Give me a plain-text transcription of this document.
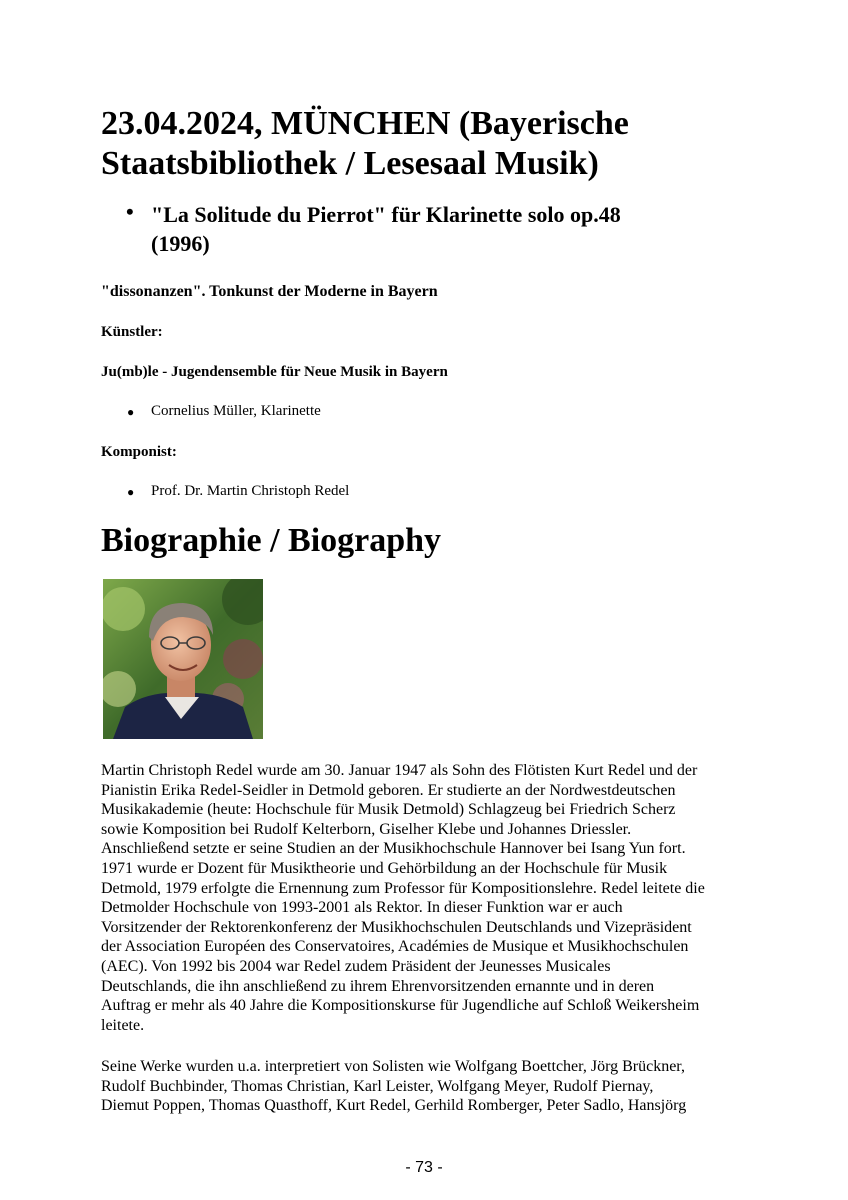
23.04.2024, MÜNCHEN (Bayerische
Staatsbibliothek / Lesesaal Musik)
• "La Solitude du Pierrot" für Klarinette solo op.48
(1996)

"dissonanzen". Tonkunst der Moderne in Bayern

Künstler:

Ju(mb)le - Jugendensemble für Neue Musik in Bayern

● Cornelius Müller, Klarinette

Komponist:

● Prof. Dr. Martin Christoph Redel
Biographie / Biography

Martin Christoph Redel wurde am 30. Januar 1947 als Sohn des Flötisten Kurt Redel und der
Pianistin Erika Redel-Seidler in Detmold geboren. Er studierte an der Nordwestdeutschen
Musikakademie (heute: Hochschule für Musik Detmold) Schlagzeug bei Friedrich Scherz
sowie Komposition bei Rudolf Kelterborn, Giselher Klebe und Johannes Driessler.
Anschließend setzte er seine Studien an der Musikhochschule Hannover bei Isang Yun fort.
1971 wurde er Dozent für Musiktheorie und Gehörbildung an der Hochschule für Musik
Detmold, 1979 erfolgte die Ernennung zum Professor für Kompositionslehre. Redel leitete die
Detmolder Hochschule von 1993-2001 als Rektor. In dieser Funktion war er auch
Vorsitzender der Rektorenkonferenz der Musikhochschulen Deutschlands und Vizepräsident
der Association Européen des Conservatoires, Académies de Musique et Musikhochschulen
(AEC). Von 1992 bis 2004 war Redel zudem Präsident der Jeunesses Musicales
Deutschlands, die ihn anschließend zu ihrem Ehrenvorsitzenden ernannte und in deren
Auftrag er mehr als 40 Jahre die Kompositionskurse für Jugendliche auf Schloß Weikersheim
leitete.

Seine Werke wurden u.a. interpretiert von Solisten wie Wolfgang Boettcher, Jörg Brückner,
Rudolf Buchbinder, Thomas Christian, Karl Leister, Wolfgang Meyer, Rudolf Piernay,
Diemut Poppen, Thomas Quasthoff, Kurt Redel, Gerhild Romberger, Peter Sadlo, Hansjörg

- 73 -
